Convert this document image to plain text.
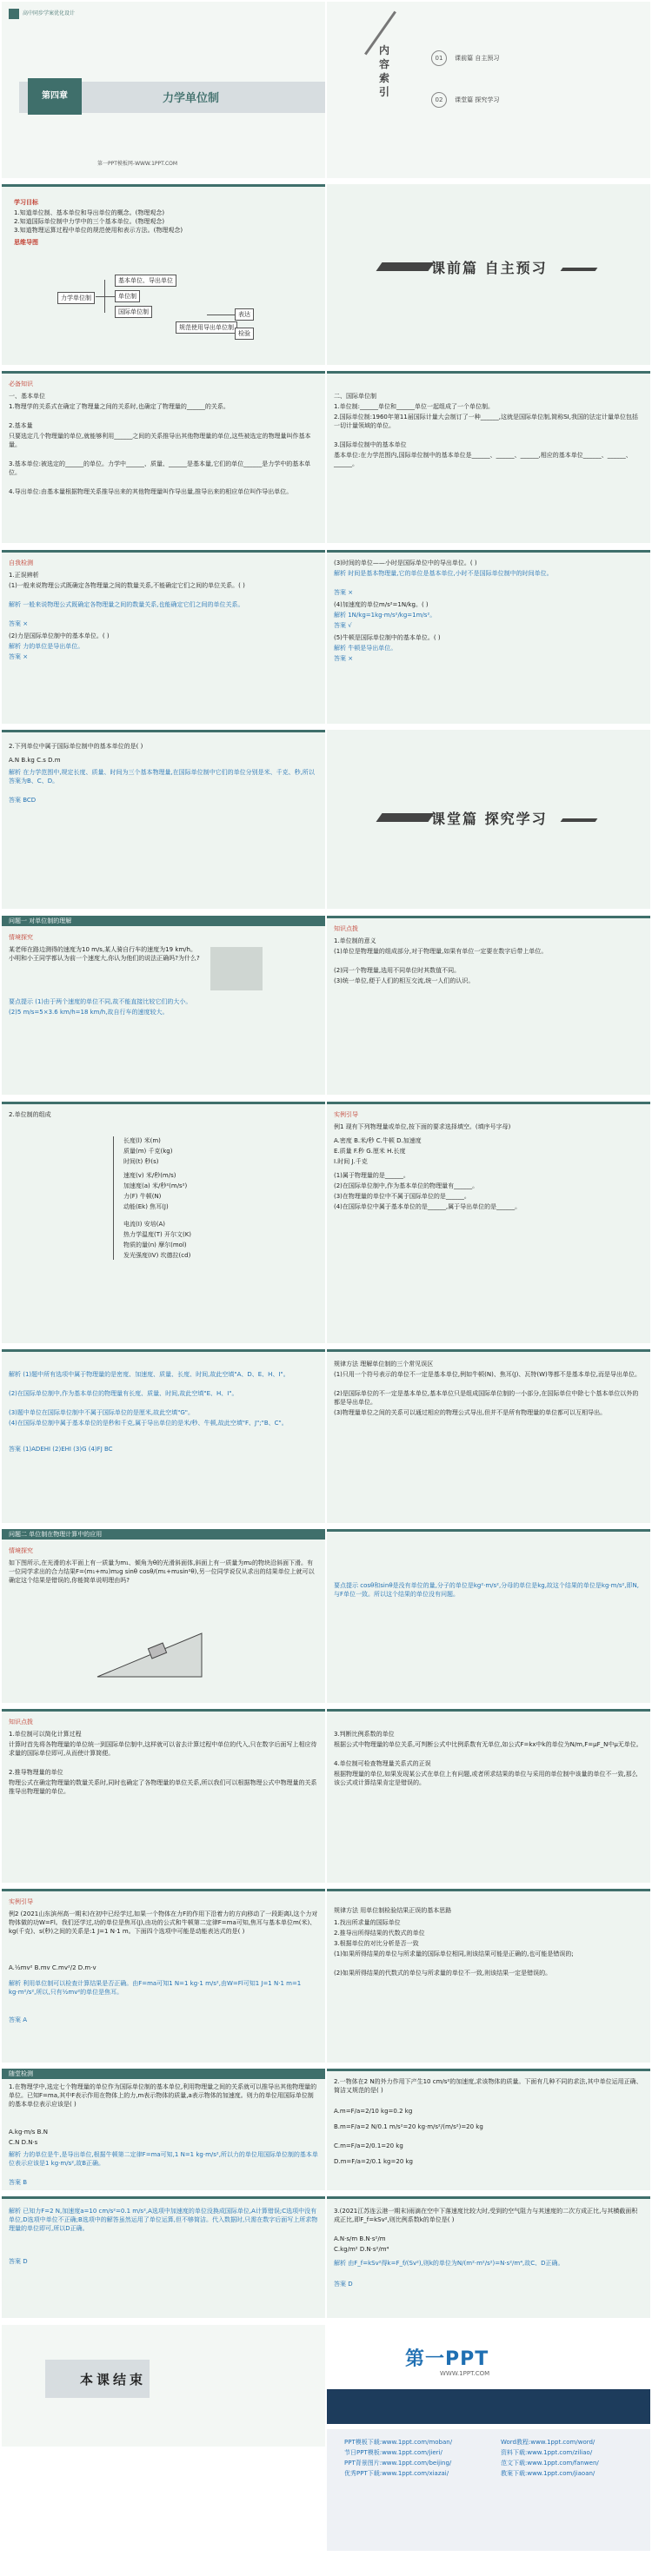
高中同步学案优化设计
第四章	力学单位制
第一PPT模板网-WWW.1PPT.COM
内容索引
01 课前篇 自主预习
02 课堂篇 探究学习
学习目标
1.知道单位制、基本单位和导出单位的概念。(物理观念)
2.知道国际单位制中力学中的三个基本单位。(物理观念)
3.知道物理运算过程中单位的规范使用和表示方法。(物理观念)
思维导图
力学单位制
基本单位、导出单位
单位制
国际单位制	表达
规范使用导出单位制
检验
课前篇 自主预习
必备知识
一、基本单位
1.物理学的关系式在确定了物理量之间的关系时,也确定了物理量的______的关系。
2.基本量
只要选定几个物理量的单位,就能够利用______之间的关系推导出其他物理量的单位,这些被选定的物理量叫作基本量。
3.基本单位:被选定的______的单位。力学中______、质量、______是基本量,它们的单位______是力学中的基本单位。
4.导出单位:由基本量根据物理关系推导出来的其他物理量叫作导出量,推导出来的相应单位叫作导出单位。
二、国际单位制
1.单位制:______单位和______单位一起组成了一个单位制。
2.国际单位制:1960年第11届国际计量大会制订了一种______,这就是国际单位制,简称SI,我国的法定计量单位包括一切计量领域的单位。
3.国际单位制中的基本单位
基本单位:在力学范围内,国际单位制中的基本单位是______、______、______,相应的基本单位______、______、______。
自我检测
1.正误辨析
(1)一般来说物理公式既确定各物理量之间的数量关系,不能确定它们之间的单位关系。( )
解析 一般来说物理公式既确定各物理量之间的数量关系,也能确定它们之间的单位关系。
答案 ×
(2)力是国际单位制中的基本单位。( )
解析 力的单位是导出单位。
答案 ×
(3)时间的单位——小时是国际单位中的导出单位。( )
解析 时间是基本物理量,它的单位是基本单位,小时不是国际单位制中的时间单位。
答案 ×
(4)加速度的单位m/s²=1N/kg。( )
解析 1N/kg=1kg·m/s²/kg=1m/s²。
答案 √
(5)牛顿是国际单位制中的基本单位。( )
解析 牛顿是导出单位。
答案 ×
2.下列单位中属于国际单位制中的基本单位的是( )
A.N B.kg C.s D.m
解析 在力学范围中,规定长度、质量、时间为三个基本物理量,在国际单位制中它们的单位分别是米、千克、秒,所以答案为B、C、D。
答案 BCD
课堂篇 探究学习
问题一 对单位制的理解
情境探究
某老师在路边测得的速度为10 m/s,某人骑自行车的速度为19 km/h。小明和小王同学都认为前一个速度大,你认为他们的说法正确吗?为什么?
要点提示 (1)由于两个速度的单位不同,故不能直接比较它们的大小。
(2)5 m/s=5×3.6 km/h=18 km/h,故自行车的速度较大。
知识点拨
1.单位制的意义
(1)单位是物理量的组成部分,对于物理量,如果有单位一定要在数字后带上单位。
(2)同一个物理量,选用不同单位时其数值不同。
(3)统一单位,便于人们的相互交流,统一人们的认识。
2.单位制的组成
长度(l) 米(m)
质量(m) 千克(kg)
时间(t) 秒(s)
速度(v) 米/秒(m/s)
加速度(a) 米/秒²(m/s²)
力(F) 牛顿(N)
动能(Ek) 焦耳(J)
电流(I) 安培(A)
热力学温度(T) 开尔文(K)
物质的量(n) 摩尔(mol)
发光强度(IV) 坎德拉(cd)
实例引导
例1 现有下列物理量或单位,按下面的要求选择填空。(填序号字母)
A.密度 B.米/秒 C.牛顿 D.加速度
E.质量 F.秒 G.厘米 H.长度
I.时间 J.千克
(1)属于物理量的是______。
(2)在国际单位制中,作为基本单位的物理量有______。
(3)在物理量的单位中不属于国际单位的是______。
(4)在国际单位中属于基本单位的是______,属于导出单位的是______。
解析 (1)题中所有选项中属于物理量的是密度、加速度、质量、长度、时间,故此空填"A、D、E、H、I"。
(2)在国际单位制中,作为基本单位的物理量有长度、质量、时间,故此空填"E、H、I"。
(3)题中单位在国际单位制中不属于国际单位的是厘米,故此空填"G"。
(4)在国际单位制中属于基本单位的是秒和千克,属于导出单位的是米/秒、牛顿,故此空填"F、J";"B、C"。
答案 (1)ADEHI (2)EHI (3)G (4)FJ BC
规律方法 理解单位制的三个常见误区
(1)只用一个符号表示的单位不一定是基本单位,例如牛顿(N)、焦耳(J)、瓦特(W)等都不是基本单位,而是导出单位。
(2)是国际单位的不一定是基本单位,基本单位只是组成国际单位制的一小部分,在国际单位中除七个基本单位以外的都是导出单位。
(3)物理量单位之间的关系可以通过相应的物理公式导出,但并不是所有物理量的单位都可以互相导出。
问题二 单位制在物理计算中的应用
情境探究
如下图所示,在光滑的水平面上有一质量为m₁、倾角为θ的光滑斜面体,斜面上有一质量为m₂的物块沿斜面下滑。有一位同学求出的合力结果F=(m₁+m₂)m₂g sinθ cosθ/(m₁+m₂sin²θ),另一位同学说仅从求出的结果单位上就可以确定这个结果是错误的,你能简单说明理由吗?
要点提示 cosθ和sinθ是没有单位的量,分子的单位是kg²·m/s²,分母的单位是kg,故这个结果的单位是kg·m/s²,即N,与F单位一致。所以这个结果的单位没有问题。
知识点拨
1.单位制可以简化计算过程
计算时首先将各物理量的单位统一到国际单位制中,这样就可以省去计算过程中单位的代入,只在数字后面写上相应待求量的国际单位即可,从而使计算简便。
2.推导物理量的单位
物理公式在确定物理量的数量关系时,同时也确定了各物理量的单位关系,所以我们可以根据物理公式中物理量的关系推导出物理量的单位。
3.判断比例系数的单位
根据公式中物理量的单位关系,可判断公式中比例系数有无单位,如公式F=kx中k的单位为N/m,F=μF_N中μ无单位。
4.单位制可检查物理量关系式的正误
根据物理量的单位,如果发现某公式在单位上有问题,或者所求结果的单位与采用的单位制中该量的单位不一致,那么该公式或计算结果肯定是错误的。
实例引导
例2 (2021山东滨州高一期末)在初中已经学过,如果一个物体在力F的作用下沿着力的方向移动了一段距离l,这个力对物体做的功W=Fl。我们还学过,功的单位是焦耳(J),由功的公式和牛顿第二定律F=ma可知,焦耳与基本单位m(米)、kg(千克)、s(秒)之间的关系是:1 J=1 N·1 m。下面四个选项中可能是动能表达式的是( )
A.½mv² B.mv C.mv²/2 D.m·v
解析 利用单位制可以检查计算结果是否正确。由F=ma可知1 N=1 kg·1 m/s²,由W=Fl可知1 J=1 N·1 m=1 kg·m²/s²,所以,只有½mv²的单位是焦耳。
答案 A
规律方法 用单位制检验结果正误的基本思路
1.找出所求量的国际单位
2.推导出所得结果的代数式的单位
3.根据单位的对比分析是否一致
(1)如果所得结果的单位与所求量的国际单位相同,则该结果可能是正确的,也可能是错误的;
(2)如果所得结果的代数式的单位与所求量的单位不一致,则该结果一定是错误的。
随堂检测
1.在物理学中,选定七个物理量的单位作为国际单位制的基本单位,利用物理量之间的关系就可以推导出其他物理量的单位。已知F=ma,其中F表示作用在物体上的力,m表示物体的质量,a表示物体的加速度。则力的单位用国际单位制的基本单位表示应该是( )
A.kg·m/s B.N
C.N D.N·s
解析 力的单位是牛,是导出单位,根据牛顿第二定律F=ma可知,1 N=1 kg·m/s²,所以力的单位用国际单位制的基本单位表示应该是1 kg·m/s²,故B正确。
答案 B
2.一物体在2 N的外力作用下产生10 cm/s²的加速度,求该物体的质量。下面有几种不同的求法,其中单位运用正确、简洁又规范的是( )
A.m=F/a=2/10 kg=0.2 kg
B.m=F/a=2 N/0.1 m/s²=20 kg·m/s²/(m/s²)=20 kg
C.m=F/a=2/0.1=20 kg
D.m=F/a=2/0.1 kg=20 kg
解析 已知力F=2 N,加速度a=10 cm/s²=0.1 m/s²,A选项中加速度的单位没换成国际单位,A计算错误;C选项中没有单位,D选项中单位不正确;B选项中的解答虽然运用了单位运算,但不够简洁。代入数据时,只需在数字后面写上所求物理量的单位即可,所以D正确。
答案 D
3.(2021江苏连云港一期末)雨滴在空中下落速度比较大时,受到的空气阻力与其速度的二次方成正比,与其横截面积成正比,即F_f=kSv²,则比例系数k的单位是( )
A.N·s/m B.N·s²/m
C.kg/m² D.N·s²/m⁴
解析 由F_f=kSv²得k=F_f/(Sv²),则k的单位为N/(m²·m²/s²)=N·s²/m⁴,故C、D正确。
答案 D
本课结束
第一PPT
WWW.1PPT.COM
PPT模板下载:www.1ppt.com/moban/
节日PPT模板:www.1ppt.com/jieri/
PPT背景图片:www.1ppt.com/beijing/
优秀PPT下载:www.1ppt.com/xiazai/
Word教程:www.1ppt.com/word/
资料下载:www.1ppt.com/ziliao/
范文下载:www.1ppt.com/fanwen/
教案下载:www.1ppt.com/jiaoan/
